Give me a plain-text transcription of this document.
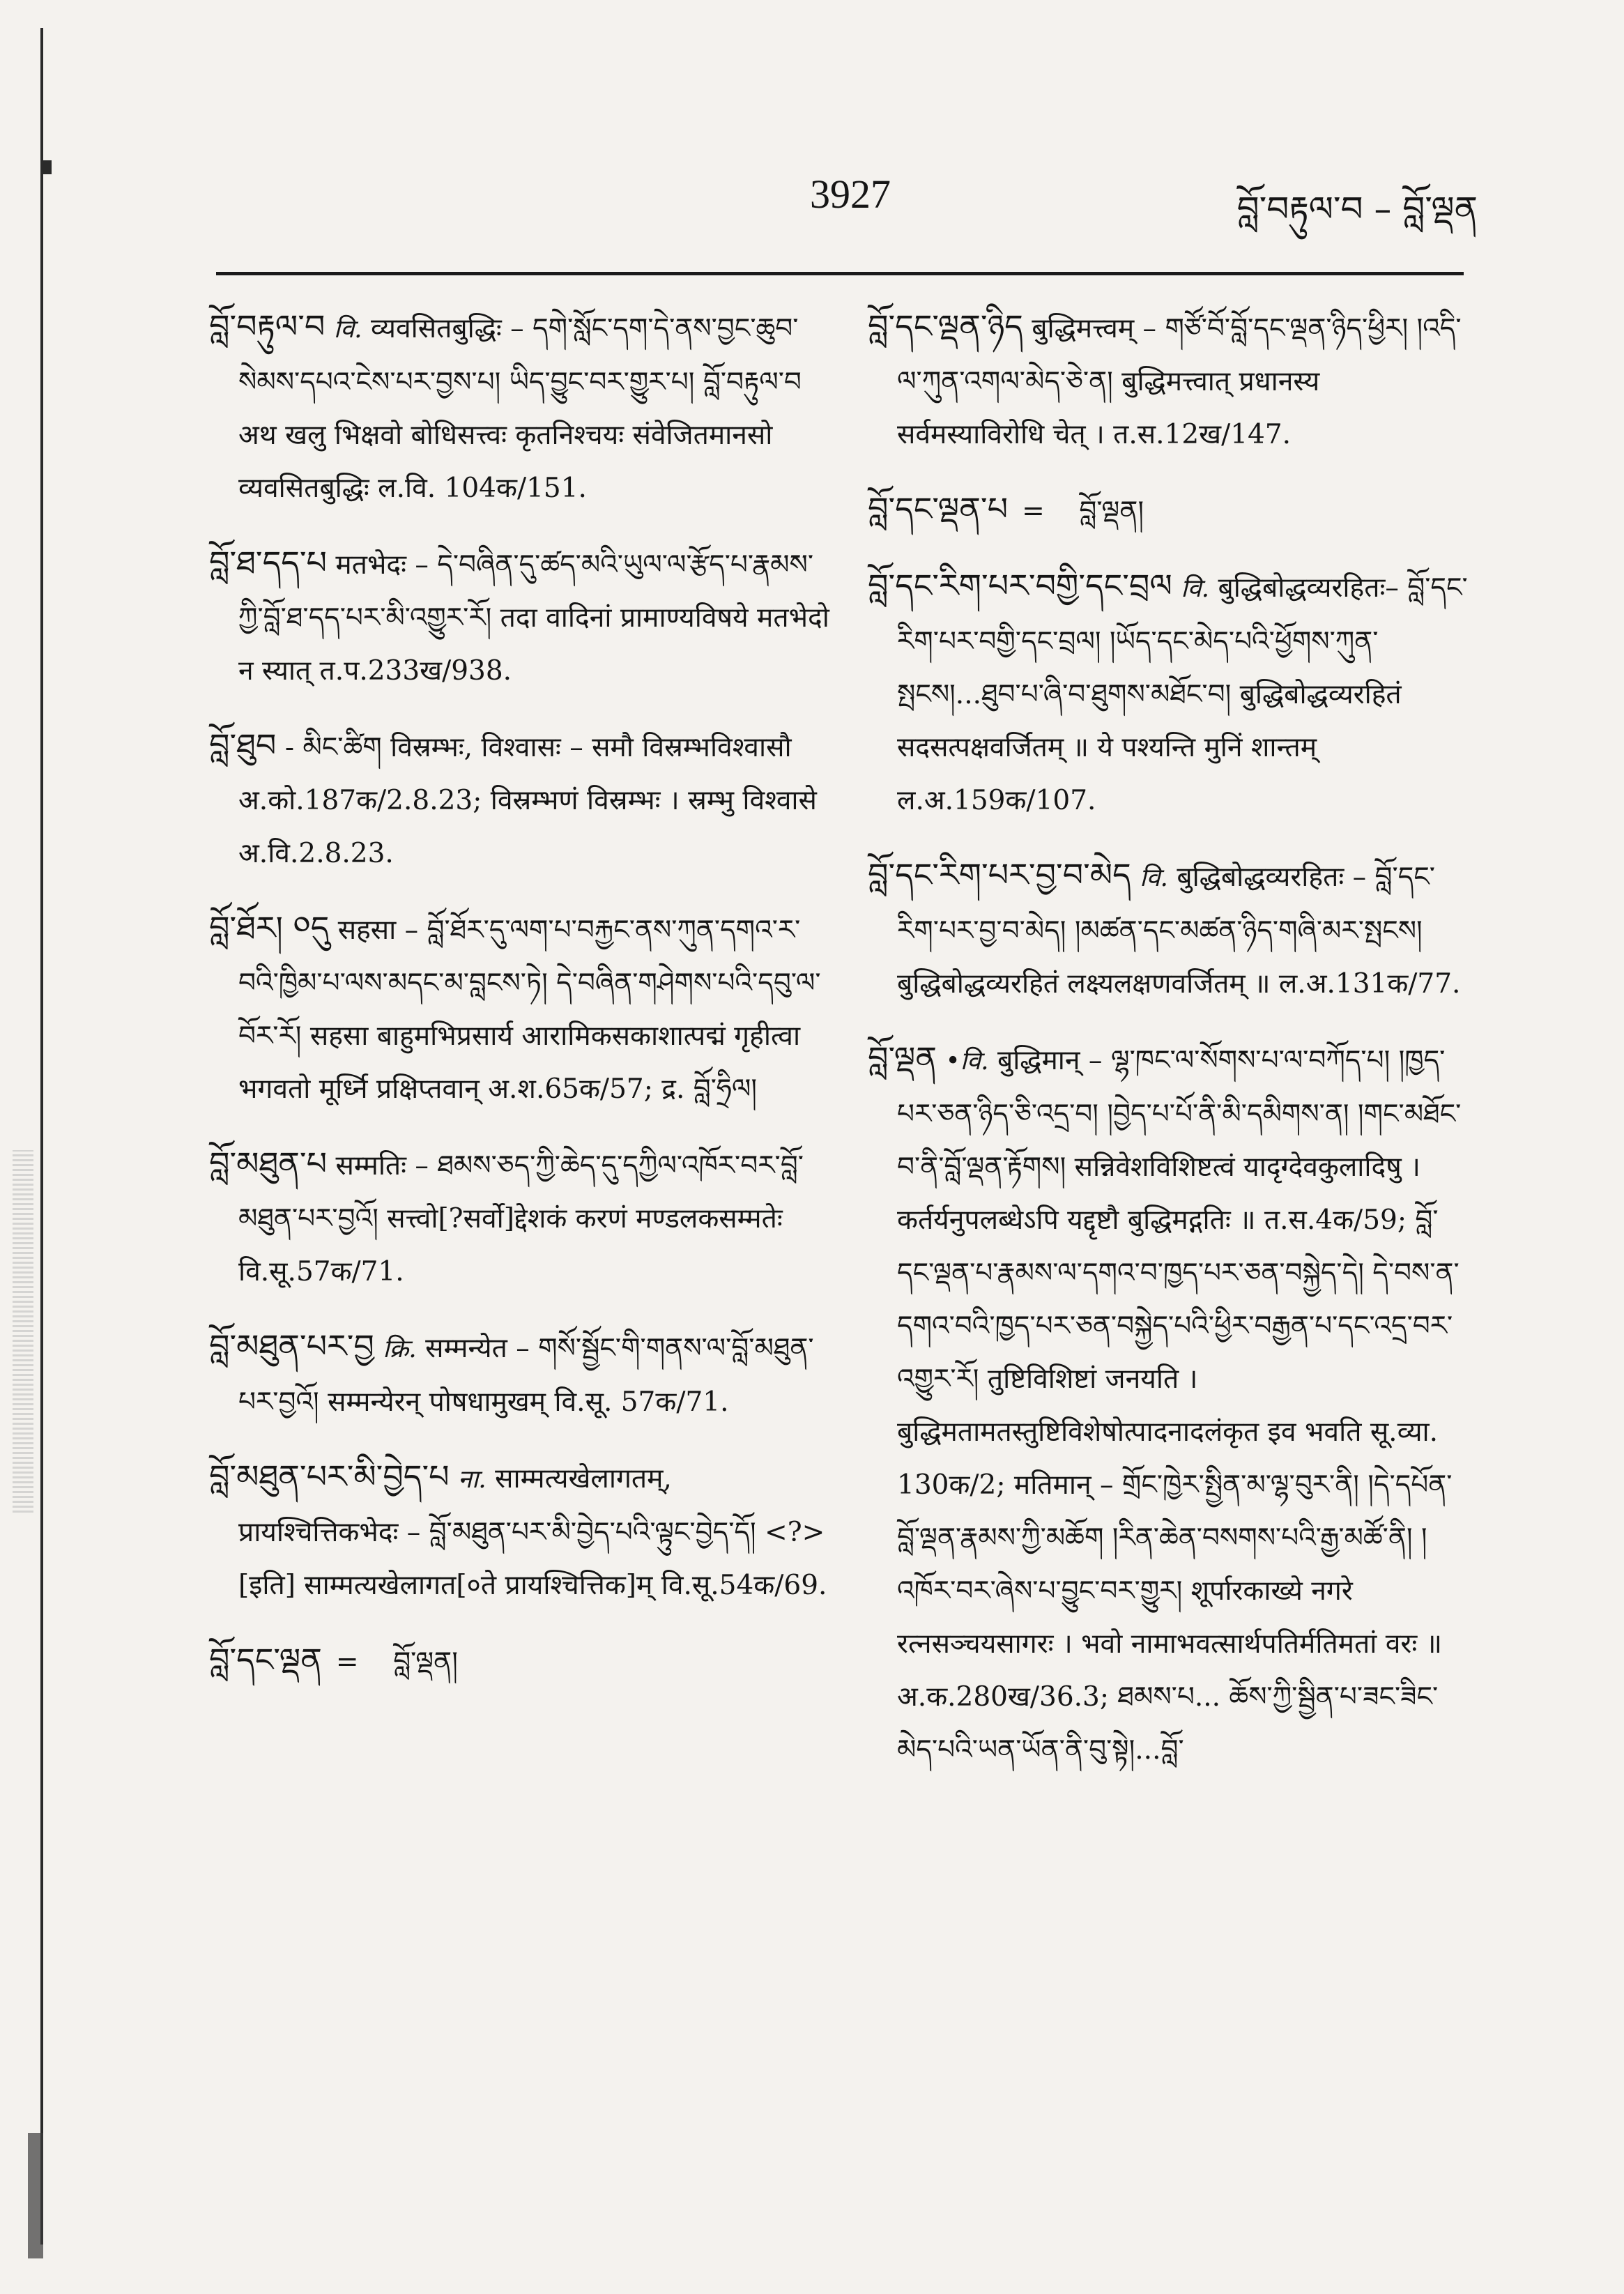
3927	བློ་བརྟུལ་བ – བློ་ལྡན

བློ་བརྟུལ་བ वि. व्यवसितबुद्धिः – དགེ་སློང་དག་དེ་ནས་བྱང་ཆུབ་སེམས་དཔའ་ངེས་པར་བྱས་པ། ཡིད་བྱུང་བར་གྱུར་པ། བློ་བརྟུལ་བ अथ खलु भिक्षवो बोधिसत्त्वः कृतनिश्चयः संवेजितमानसो व्यवसितबुद्धिः ल.वि. 104क/151.

བློ་ཐ་དད་པ मतभेदः – དེ་བཞིན་དུ་ཚད་མའི་ཡུལ་ལ་རྩོད་པ་རྣམས་ཀྱི་བློ་ཐ་དད་པར་མི་འགྱུར་རོ། तदा वादिनां प्रामाण्यविषये मतभेदो न स्यात् त.प.233ख/938.

བློ་ཐུབ - མིང་ཚིག विस्रम्भः, विश्वासः – समौ विस्रम्भविश्वासौ अ.को.187क/2.8.23; विस्रम्भणं विस्रम्भः । स्रम्भु विश्वासे अ.वि.2.8.23.

བློ་ཐོར། ༠དུ सहसा – བློ་ཐོར་དུ་ལག་པ་བརྐྱང་ནས་ཀུན་དགའ་ར་བའི་ཁྱིམ་པ་ལས་མདང་མ་བླངས་ཏེ། དེ་བཞིན་གཤེགས་པའི་དབུ་ལ་བོར་རོ། सहसा बाहुमभिप्रसार्य आरामिकसकाशात्पद्मं गृहीत्वा भगवतो मूर्ध्नि प्रक्षिप्तवान् अ.श.65क/57; द्र. བློ་ཧྲིལ།

བློ་མཐུན་པ सम्मतिः – ཐམས་ཅད་ཀྱི་ཆེད་དུ་དཀྱིལ་འཁོར་བར་བློ་མཐུན་པར་བྱའོ། सत्त्वो[?सर्वो]द्देशकं करणं मण्डलकसम्मतेः वि.सू.57क/71.

བློ་མཐུན་པར་བྱ क्रि. सम्मन्येत – གསོ་སྦྱོང་གི་གནས་ལ་བློ་མཐུན་པར་བྱའོ། सम्मन्येरन् पोषधामुखम् वि.सू. 57क/71.

བློ་མཐུན་པར་མི་བྱེད་པ ना. साम्मत्यखेलागतम्, प्रायश्चित्तिकभेदः – བློ་མཐུན་པར་མི་བྱེད་པའི་ལྟུང་བྱེད་དོ། <?> [इति] साम्मत्यखेलागत[०ते प्रायश्चित्तिक]म् वि.सू.54क/69.

བློ་དང་ལྡན     =    བློ་ལྡན།

བློ་དང་ལྡན་ཉིད बुद्धिमत्त्वम् – གཙོ་བོ་བློ་དང་ལྡན་ཉིད་ཕྱིར། །འདི་ལ་ཀུན་འགལ་མེད་ཅེ་ན། बुद्धिमत्त्वात् प्रधानस्य सर्वमस्याविरोधि चेत् । त.स.12ख/147.

བློ་དང་ལྡན་པ     =    བློ་ལྡན།

བློ་དང་རིག་པར་བགྱི་དང་བྲལ वि. बुद्धिबोद्धव्यरहितः– བློ་དང་རིག་པར་བགྱི་དང་བྲལ། །ཡོད་དང་མེད་པའི་ཕྱོགས་ཀུན་སྤངས།...ཐུབ་པ་ཞི་བ་ཐུགས་མཐོང་བ། बुद्धिबोद्धव्यरहितं सदसत्पक्षवर्जितम् ॥ ये पश्यन्ति मुनिं शान्तम् ल.अ.159क/107.

བློ་དང་རིག་པར་བྱ་བ་མེད वि. बुद्धिबोद्धव्यरहितः – བློ་དང་རིག་པར་བྱ་བ་མེད། །མཚན་དང་མཚན་ཉིད་གཞི་མར་སྤངས། बुद्धिबोद्धव्यरहितं लक्ष्यलक्षणवर्जितम् ॥ ल.अ.131क/77.

བློ་ལྡན •वि. बुद्धिमान् – ལྷ་ཁང་ལ་སོགས་པ་ལ་བཀོད་པ། །ཁྱད་པར་ཅན་ཉིད་ཅི་འདྲ་བ། །བྱེད་པ་པོ་ནི་མི་དམིགས་ན། །གང་མཐོང་བ་ནི་བློ་ལྡན་རྟོགས། सन्निवेशविशिष्टत्वं यादृग्देवकुलादिषु । कर्तर्यनुपलब्धेऽपि यद्दृष्टौ बुद्धिमद्गतिः ॥ त.स.4क/59; བློ་དང་ལྡན་པ་རྣམས་ལ་དགའ་བ་ཁྱད་པར་ཅན་བསྐྱེད་དེ། དེ་བས་ན་དགའ་བའི་ཁྱད་པར་ཅན་བསྐྱེད་པའི་ཕྱིར་བརྒྱན་པ་དང་འདྲ་བར་འགྱུར་རོ། तुष्टिविशिष्टां जनयति । बुद्धिमतामतस्तुष्टिविशेषोत्पादनादलंकृत इव भवति सू.व्या. 130क/2; मतिमान् – གྲོང་ཁྱེར་སྤྱིན་མ་ལྷ་བུར་ནི། །དེ་དཔོན་བློ་ལྡན་རྣམས་ཀྱི་མཆོག །རིན་ཆེན་བསགས་པའི་རྒྱ་མཚོ་ནི། །འཁོར་བར་ཞེས་པ་བྱུང་བར་གྱུར། शूर्पारकाख्ये नगरे रत्नसञ्चयसागरः । भवो नामाभवत्सार्थपतिर्मतिमतां वरः ॥ अ.क.280ख/36.3; ཐམས་པ... ཆོས་ཀྱི་སྦྱིན་པ་ཟང་ཟིང་མེད་པའི་ཡན་ཡོན་ནི་བུ་སྟེ།...བློ་
